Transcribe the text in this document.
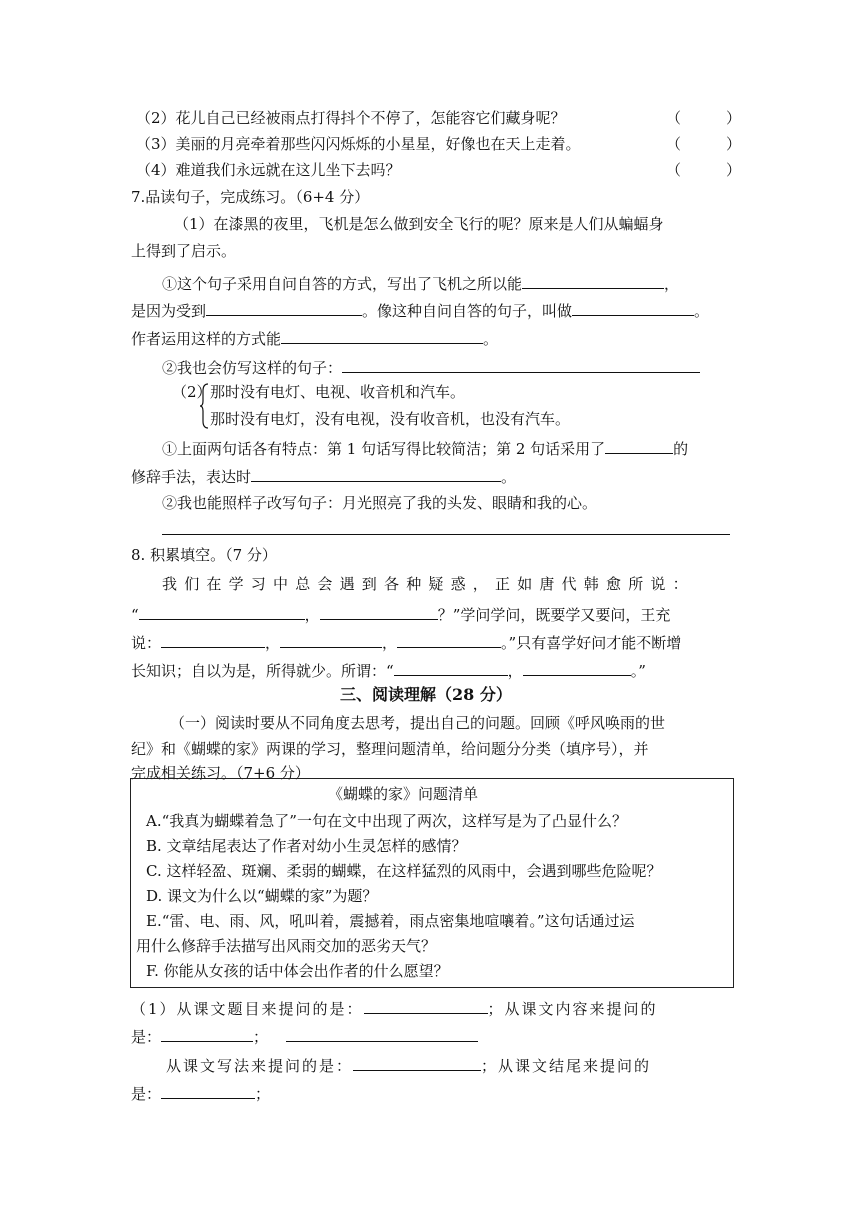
（2）花儿自己已经被雨点打得抖个不停了，怎能容它们藏身呢？	（　　　）
（3）美丽的月亮牵着那些闪闪烁烁的小星星，好像也在天上走着。	（　　　）
（4）难道我们永远就在这儿坐下去吗？	（　　　）
7.品读句子，完成练习。（6+4 分）
（1）在漆黑的夜里，飞机是怎么做到安全飞行的呢？原来是人们从蝙蝠身
上得到了启示。
①这个句子采用自问自答的方式，写出了飞机之所以能	，
是因为受到	。像这种自问自答的句子，叫做	。
作者运用这样的方式能	。
②我也会仿写这样的句子：
（2）
那时没有电灯、电视、收音机和汽车。
那时没有电灯，没有电视，没有收音机，也没有汽车。
①上面两句话各有特点：第 1 句话写得比较简洁；第 2 句话采用了	的
修辞手法，表达时	。
②我也能照样子改写句子：月光照亮了我的头发、眼睛和我的心。
8. 积累填空。（7 分）
我们在学习中总会遇到各种疑惑，正如唐代韩愈所说：
“	，	？”学问学问，既要学又要问，王充
说：	，	，	。”只有喜学好问才能不断增
长知识；自以为是，所得就少。所谓：“	，	。”
三、阅读理解（28 分）
（一）阅读时要从不同角度去思考，提出自己的问题。回顾《呼风唤雨的世
纪》和《蝴蝶的家》两课的学习，整理问题清单，给问题分分类（填序号），并
完成相关练习。（7+6 分）
《蝴蝶的家》问题清单
A.“我真为蝴蝶着急了”一句在文中出现了两次，这样写是为了凸显什么？
B. 文章结尾表达了作者对幼小生灵怎样的感情？
C. 这样轻盈、斑斓、柔弱的蝴蝶，在这样猛烈的风雨中，会遇到哪些危险呢？
D. 课文为什么以“蝴蝶的家”为题？
E.“雷、电、雨、风，吼叫着，震撼着，雨点密集地喧嚷着。”这句话通过运
用什么修辞手法描写出风雨交加的恶劣天气？
F. 你能从女孩的话中体会出作者的什么愿望？
（1）从课文题目来提问的是：	；从课文内容来提问的
是：	；
从课文写法来提问的是：	；从课文结尾来提问的
是：	；
